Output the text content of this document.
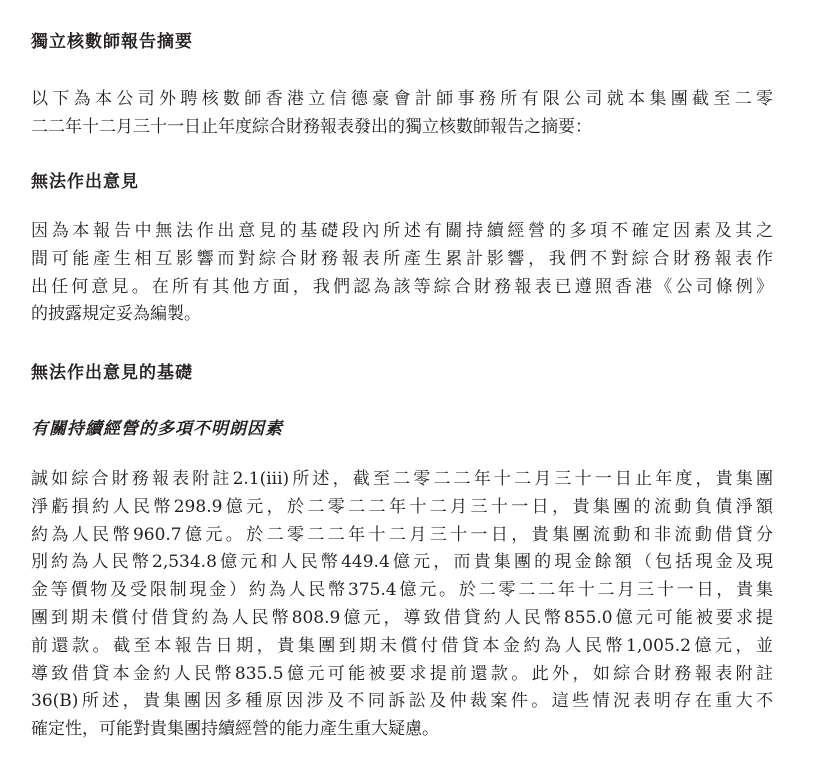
獨立核數師報告摘要
以下為本公司外聘核數師香港立信德豪會計師事務所有限公司就本集團截至二零
二二年十二月三十一日止年度綜合財務報表發出的獨立核數師報告之摘要：
無法作出意見
因為本報告中無法作出意見的基礎段內所述有關持續經營的多項不確定因素及其之
間可能產生相互影響而對綜合財務報表所產生累計影響，我們不對綜合財務報表作
出任何意見。在所有其他方面，我們認為該等綜合財務報表已遵照香港《公司條例》
的披露規定妥為編製。
無法作出意見的基礎
有關持續經營的多項不明朗因素
誠如綜合財務報表附註2.1(iii)所述，截至二零二二年十二月三十一日止年度，貴集團
淨虧損約人民幣298.9億元，於二零二二年十二月三十一日，貴集團的流動負債淨額
約為人民幣960.7億元。於二零二二年十二月三十一日，貴集團流動和非流動借貸分
別約為人民幣2,534.8億元和人民幣449.4億元，而貴集團的現金餘額（包括現金及現
金等價物及受限制現金）約為人民幣375.4億元。於二零二二年十二月三十一日，貴集
團到期未償付借貸約為人民幣808.9億元，導致借貸約人民幣855.0億元可能被要求提
前還款。截至本報告日期，貴集團到期未償付借貸本金約為人民幣1,005.2億元，並
導致借貸本金約人民幣835.5億元可能被要求提前還款。此外，如綜合財務報表附註
36(B)所述，貴集團因多種原因涉及不同訴訟及仲裁案件。這些情況表明存在重大不
確定性，可能對貴集團持續經營的能力產生重大疑慮。
